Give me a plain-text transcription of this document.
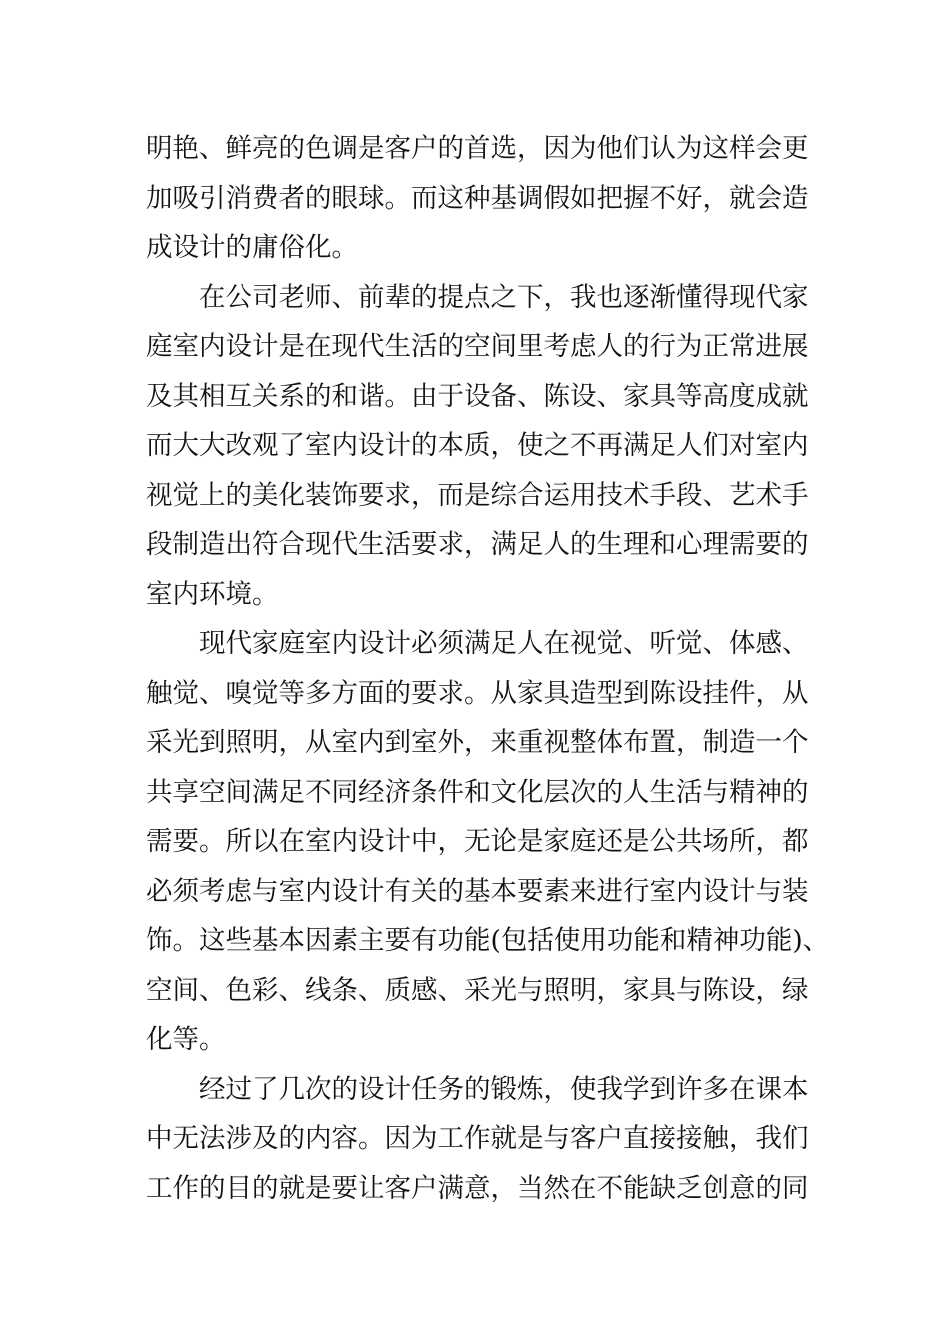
明艳、鲜亮的色调是客户的首选，因为他们认为这样会更
加吸引消费者的眼球。而这种基调假如把握不好，就会造
成设计的庸俗化。
在公司老师、前辈的提点之下，我也逐渐懂得现代家
庭室内设计是在现代生活的空间里考虑人的行为正常进展
及其相互关系的和谐。由于设备、陈设、家具等高度成就
而大大改观了室内设计的本质，使之不再满足人们对室内
视觉上的美化装饰要求，而是综合运用技术手段、艺术手
段制造出符合现代生活要求，满足人的生理和心理需要的
室内环境。
现代家庭室内设计必须满足人在视觉、听觉、体感、
触觉、嗅觉等多方面的要求。从家具造型到陈设挂件，从
采光到照明，从室内到室外，来重视整体布置，制造一个
共享空间满足不同经济条件和文化层次的人生活与精神的
需要。所以在室内设计中，无论是家庭还是公共场所，都
必须考虑与室内设计有关的基本要素来进行室内设计与装
饰。这些基本因素主要有功能(包括使用功能和精神功能)、
空间、色彩、线条、质感、采光与照明，家具与陈设，绿
化等。
经过了几次的设计任务的锻炼，使我学到许多在课本
中无法涉及的内容。因为工作就是与客户直接接触，我们
工作的目的就是要让客户满意，当然在不能缺乏创意的同
